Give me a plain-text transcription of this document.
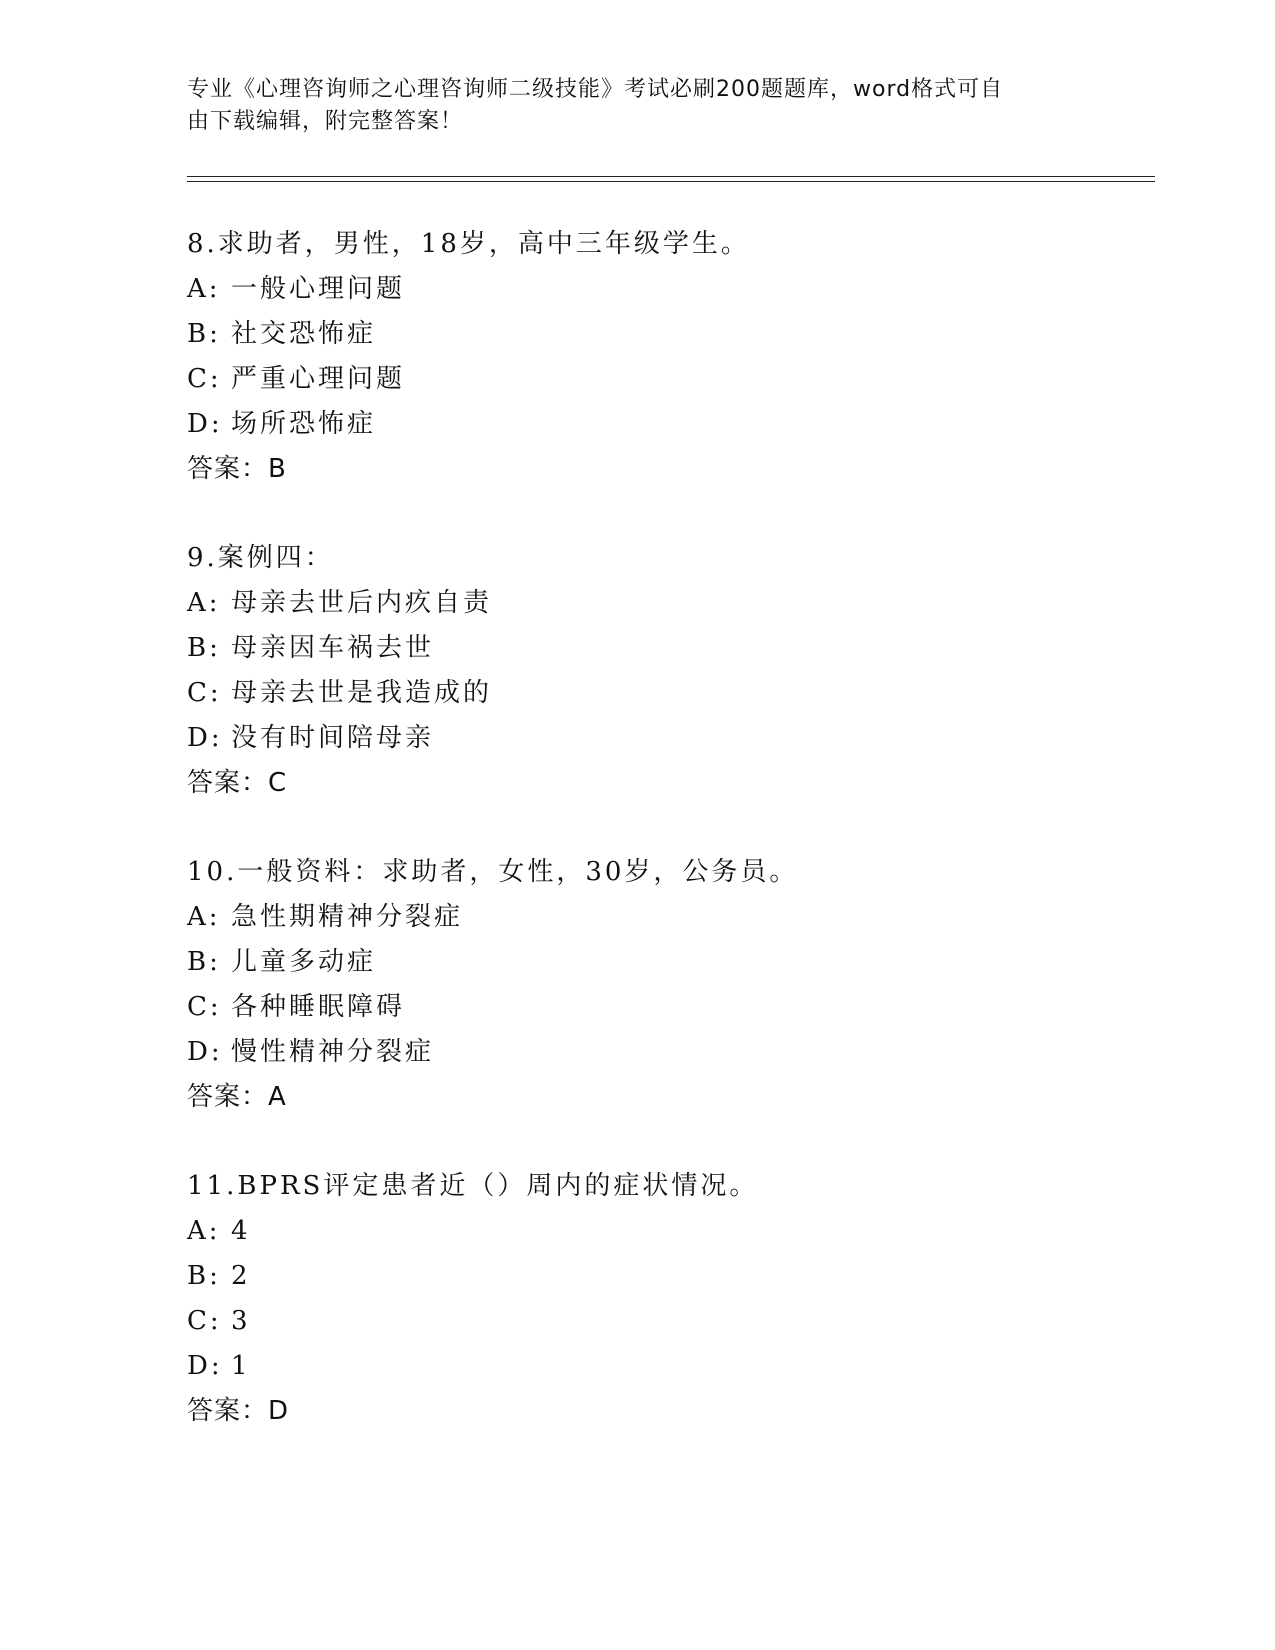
专业《心理咨询师之心理咨询师二级技能》考试必刷200题题库，word格式可自
由下载编辑，附完整答案！
8.求助者，男性，18岁，高中三年级学生。
A: 一般心理问题
B: 社交恐怖症
C: 严重心理问题
D: 场所恐怖症
答案：B
9.案例四：
A: 母亲去世后内疚自责
B: 母亲因车祸去世
C: 母亲去世是我造成的
D: 没有时间陪母亲
答案：C
10.一般资料：求助者，女性，30岁，公务员。
A: 急性期精神分裂症
B: 儿童多动症
C: 各种睡眠障碍
D: 慢性精神分裂症
答案：A
11.BPRS评定患者近（）周内的症状情况。
A: 4
B: 2
C: 3
D: 1
答案：D
